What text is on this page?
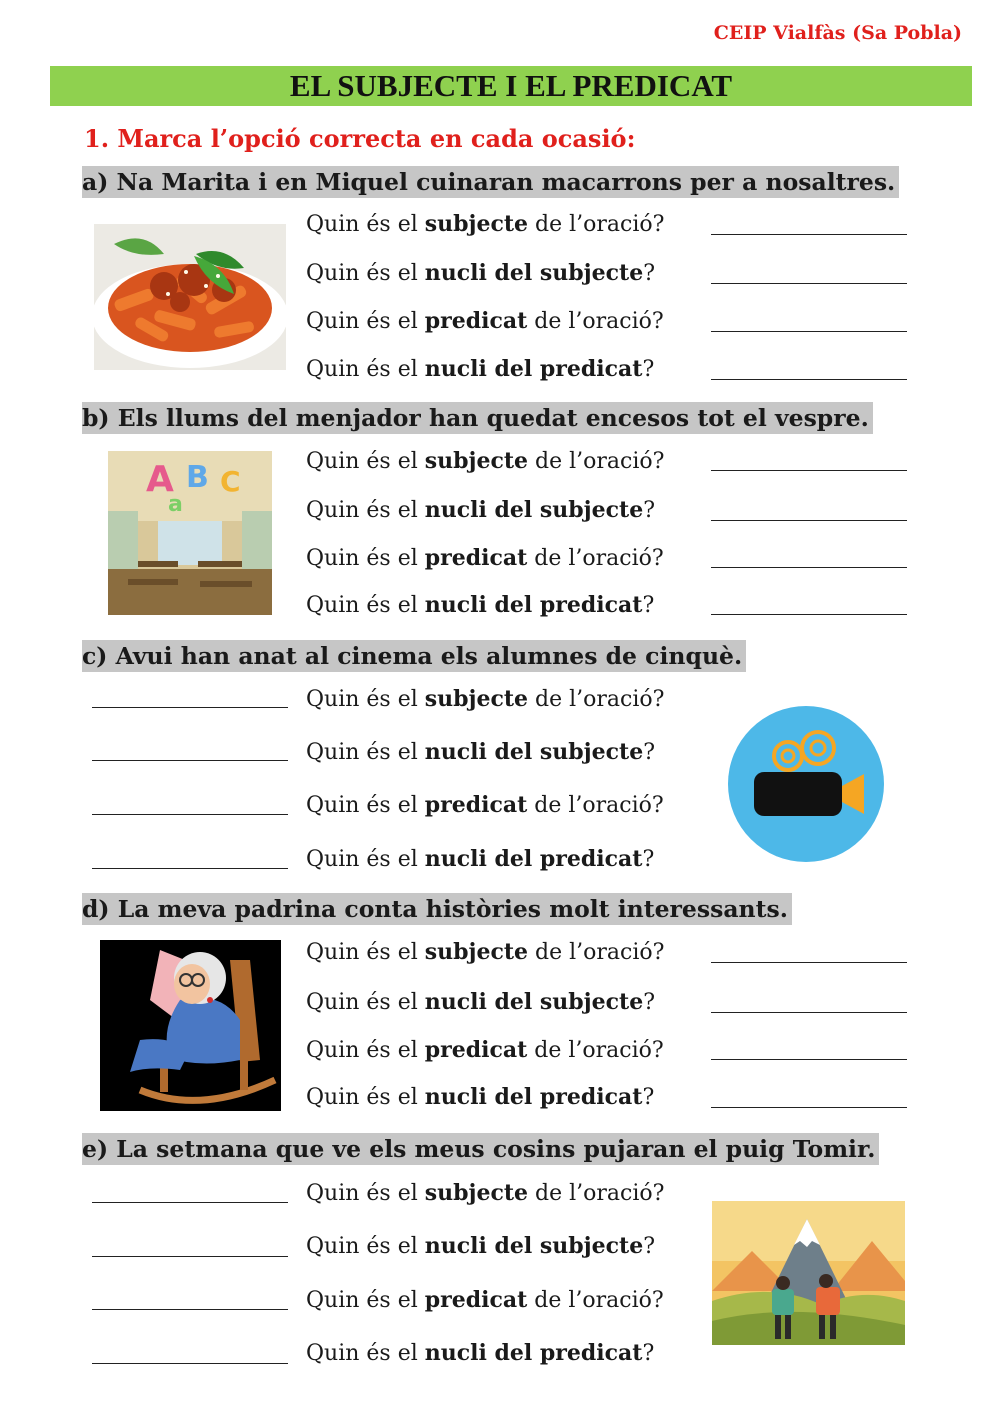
CEIP Vialfàs (Sa Pobla)
EL SUBJECTE I EL PREDICAT
1. Marca l’opció correcta en cada ocasió:
a) Na Marita i en Miquel cuinaran macarrons per a nosaltres.
Quin és el subjecte de l’oració?
Quin és el nucli del subjecte?
Quin és el predicat de l’oració?
Quin és el nucli del predicat?
b) Els llums del menjador han quedat encesos tot el vespre.
A B C
a
Quin és el subjecte de l’oració?
Quin és el nucli del subjecte?
Quin és el predicat de l’oració?
Quin és el nucli del predicat?
c) Avui han anat al cinema els alumnes de cinquè.
Quin és el subjecte de l’oració?
Quin és el nucli del subjecte?
Quin és el predicat de l’oració?
Quin és el nucli del predicat?
d) La meva padrina conta històries molt interessants.
Quin és el subjecte de l’oració?
Quin és el nucli del subjecte?
Quin és el predicat de l’oració?
Quin és el nucli del predicat?
e) La setmana que ve els meus cosins pujaran el puig Tomir.
Quin és el subjecte de l’oració?
Quin és el nucli del subjecte?
Quin és el predicat de l’oració?
Quin és el nucli del predicat?
